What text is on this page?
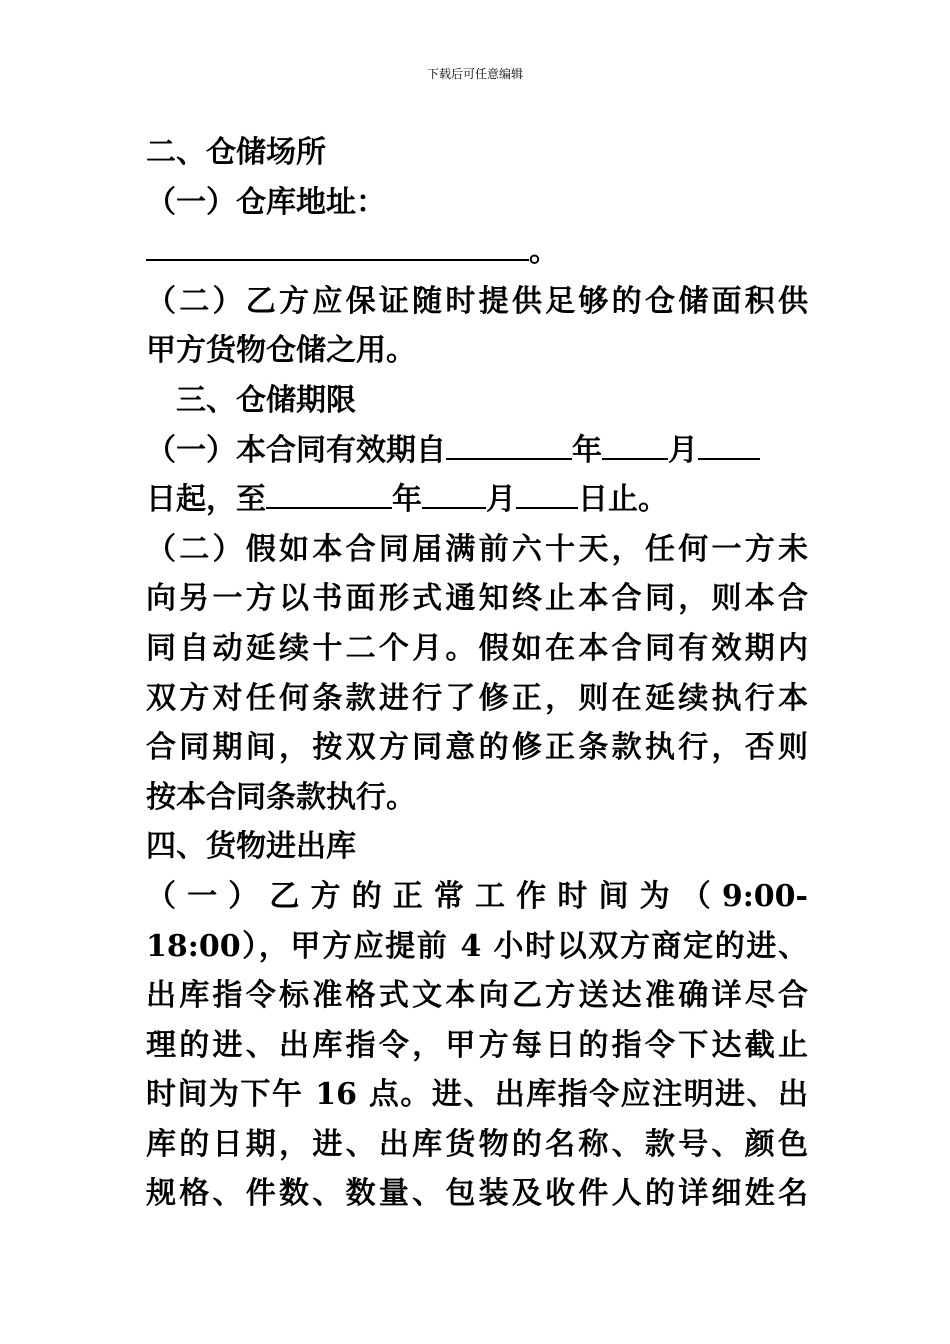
下载后可任意编辑
二、仓储场所
（一）仓库地址：
。
（二）乙方应保证随时提供足够的仓储面积供
甲方货物仓储之用。
三、仓储期限
（一）本合同有效期自	年 月
日起，至	年 月 日止。
（二）假如本合同届满前六十天，任何一方未
向另一方以书面形式通知终止本合同，则本合
同自动延续十二个月。假如在本合同有效期内
双方对任何条款进行了修正，则在延续执行本
合同期间，按双方同意的修正条款执行，否则
按本合同条款执行。
四、货物进出库
（一）乙方的正常工作时间为（9:00-
18:00），甲方应提前 4 小时以双方商定的进、
出库指令标准格式文本向乙方送达准确详尽合
理的进、出库指令，甲方每日的指令下达截止
时间为下午 16 点。进、出库指令应注明进、出
库的日期，进、出库货物的名称、款号、颜色
规格、件数、数量、包装及收件人的详细姓名
